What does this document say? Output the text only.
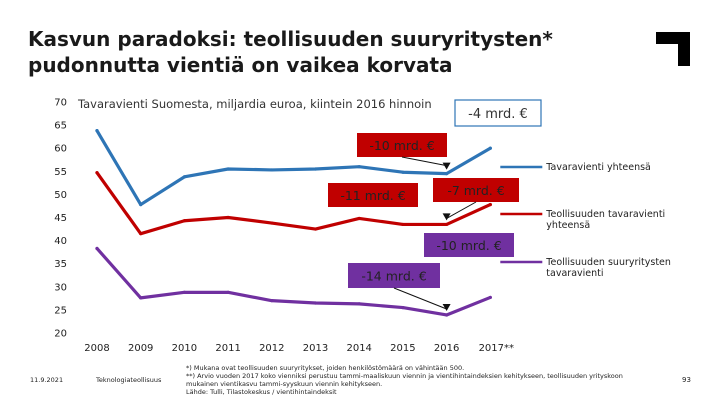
Kasvun paradoksi: teollisuuden suuryritysten*
pudonnutta vientiä on vaikea korvata
20
25
30
35
40
45
50
55
60
65
70
2008 2009 2010 2011 2012 2013 2014 2015 2016 2017**
Tavaravienti Suomesta, miljardia euroa, kiintein 2016 hinnoin
Tavaravienti yhteensä
Teollisuuden tavaravienti
yhteensä
Teollisuuden suuryritysten
tavaravienti
-4 mrd. €
-10 mrd. €
-11 mrd. €	-7 mrd. €
-10 mrd. €
-14 mrd. €
11.9.2021	Teknologiateollisuus
*) Mukana ovat teollisuuden suuryritykset, joiden henkilöstömäärä on vähintään 500.
**) Arvio vuoden 2017 koko vienniksi perustuu tammi-maaliskuun viennin ja vientihintaindeksien kehitykseen, teollisuuden yrityskoon
mukainen vientikasvu tammi-syyskuun viennin kehitykseen.
Lähde: Tulli, Tilastokeskus / vientihintaindeksit
93
